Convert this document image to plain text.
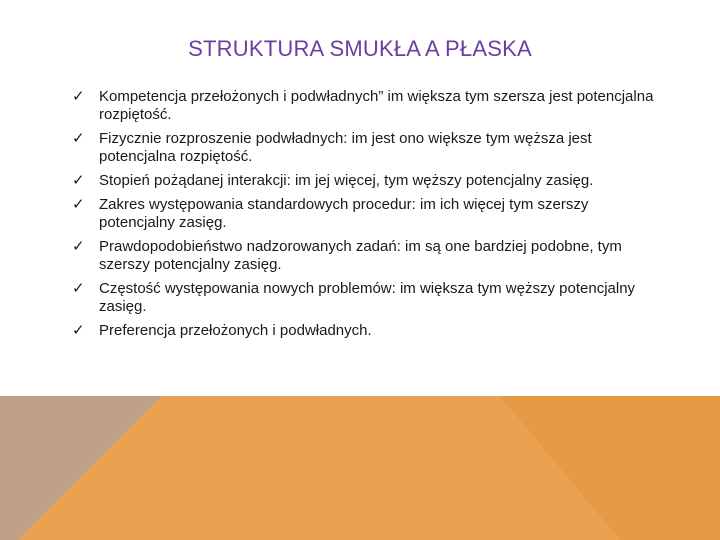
STRUKTURA SMUKŁA A PŁASKA
✓ Kompetencja przełożonych i podwładnych” im większa tym szersza jest potencjalna rozpiętość.
✓ Fizycznie rozproszenie podwładnych: im jest ono większe tym węższa jest potencjalna rozpiętość.
✓ Stopień pożądanej interakcji: im jej więcej, tym węższy potencjalny zasięg.
✓ Zakres występowania standardowych procedur: im ich więcej tym szerszy potencjalny zasięg.
✓ Prawdopodobieństwo nadzorowanych zadań: im są one bardziej podobne, tym szerszy potencjalny zasięg.
✓ Częstość występowania nowych problemów: im większa tym węższy potencjalny zasięg.
✓ Preferencja przełożonych i podwładnych.
